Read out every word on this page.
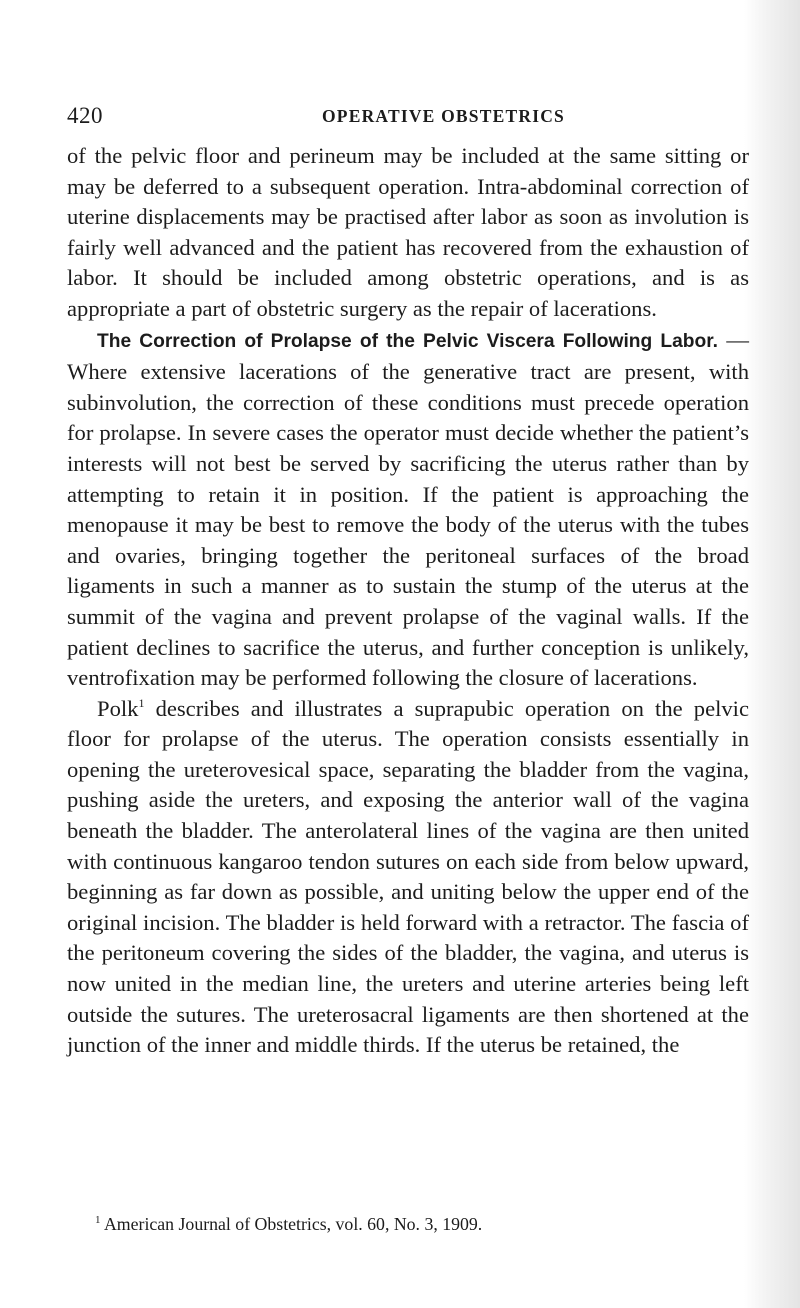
420	OPERATIVE OBSTETRICS

of the pelvic floor and perineum may be included at the same sitting or may be deferred to a subsequent operation. Intra-abdominal correction of uterine displacements may be practised after labor as soon as involution is fairly well advanced and the patient has recovered from the exhaustion of labor. It should be included among obstetric operations, and is as appropriate a part of obstetric surgery as the repair of lacerations.

The Correction of Prolapse of the Pelvic Viscera Following Labor. —Where extensive lacerations of the generative tract are present, with subinvolution, the correction of these conditions must precede operation for prolapse. In severe cases the operator must decide whether the patient’s interests will not best be served by sacrificing the uterus rather than by attempting to retain it in position. If the patient is approaching the menopause it may be best to remove the body of the uterus with the tubes and ovaries, bringing together the peritoneal surfaces of the broad ligaments in such a manner as to sustain the stump of the uterus at the summit of the vagina and prevent prolapse of the vaginal walls. If the patient declines to sacrifice the uterus, and further conception is unlikely, ventrofixation may be performed following the closure of lacerations.

Polk$^1$ describes and illustrates a suprapubic operation on the pelvic floor for prolapse of the uterus. The operation consists essentially in opening the ureterovesical space, separating the bladder from the vagina, pushing aside the ureters, and exposing the anterior wall of the vagina beneath the bladder. The anterolateral lines of the vagina are then united with continuous kangaroo tendon sutures on each side from below upward, beginning as far down as possible, and uniting below the upper end of the original incision. The bladder is held forward with a retractor. The fascia of the peritoneum covering the sides of the bladder, the vagina, and uterus is now united in the median line, the ureters and uterine arteries being left outside the sutures. The ureterosacral ligaments are then shortened at the junction of the inner and middle thirds. If the uterus be retained, the

$^1$ American Journal of Obstetrics, vol. 60, No. 3, 1909.
